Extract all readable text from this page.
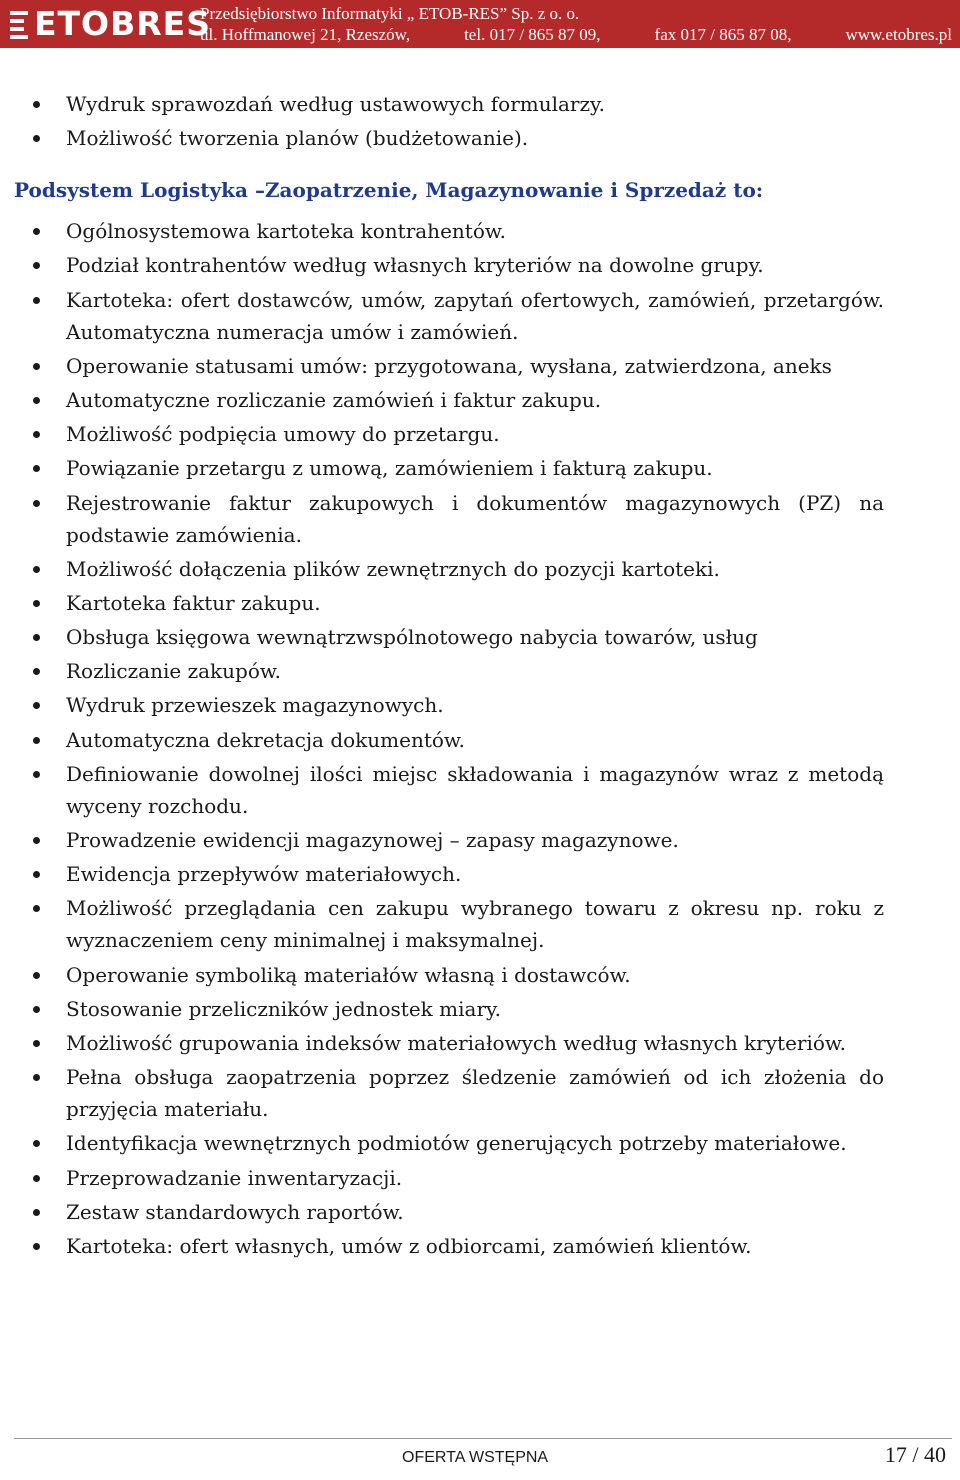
ETOBRES
Przedsiębiorstwo Informatyki „ ETOB-RES” Sp. z o. o.
ul. Hoffmanowej 21, Rzeszów,	tel. 017 / 865 87 09,	fax 017 / 865 87 08,	www.etobres.pl
Wydruk sprawozdań według ustawowych formularzy.
Możliwość tworzenia planów (budżetowanie).
Podsystem Logistyka –Zaopatrzenie, Magazynowanie i Sprzedaż to:
Ogólnosystemowa kartoteka kontrahentów.
Podział kontrahentów według własnych kryteriów na dowolne grupy.
Kartoteka: ofert dostawców, umów, zapytań ofertowych, zamówień, przetargów. Automatyczna numeracja umów i zamówień.
Operowanie statusami umów: przygotowana, wysłana, zatwierdzona, aneks
Automatyczne rozliczanie zamówień i faktur zakupu.
Możliwość podpięcia umowy do przetargu.
Powiązanie przetargu z umową, zamówieniem i fakturą zakupu.
Rejestrowanie faktur zakupowych i dokumentów magazynowych (PZ) na podstawie zamówienia.
Możliwość dołączenia plików zewnętrznych do pozycji kartoteki.
Kartoteka faktur zakupu.
Obsługa księgowa wewnątrzwspólnotowego nabycia towarów, usług
Rozliczanie zakupów.
Wydruk przewieszek magazynowych.
Automatyczna dekretacja dokumentów.
Definiowanie dowolnej ilości miejsc składowania i magazynów wraz z metodą wyceny rozchodu.
Prowadzenie ewidencji magazynowej – zapasy magazynowe.
Ewidencja przepływów materiałowych.
Możliwość przeglądania cen zakupu wybranego towaru z okresu np. roku z wyznaczeniem ceny minimalnej i maksymalnej.
Operowanie symboliką materiałów własną i dostawców.
Stosowanie przeliczników jednostek miary.
Możliwość grupowania indeksów materiałowych według własnych kryteriów.
Pełna obsługa zaopatrzenia poprzez śledzenie zamówień od ich złożenia do przyjęcia materiału.
Identyfikacja wewnętrznych podmiotów generujących potrzeby materiałowe.
Przeprowadzanie inwentaryzacji.
Zestaw standardowych raportów.
Kartoteka: ofert własnych, umów z odbiorcami, zamówień klientów.
OFERTA WSTĘPNA	17 / 40
